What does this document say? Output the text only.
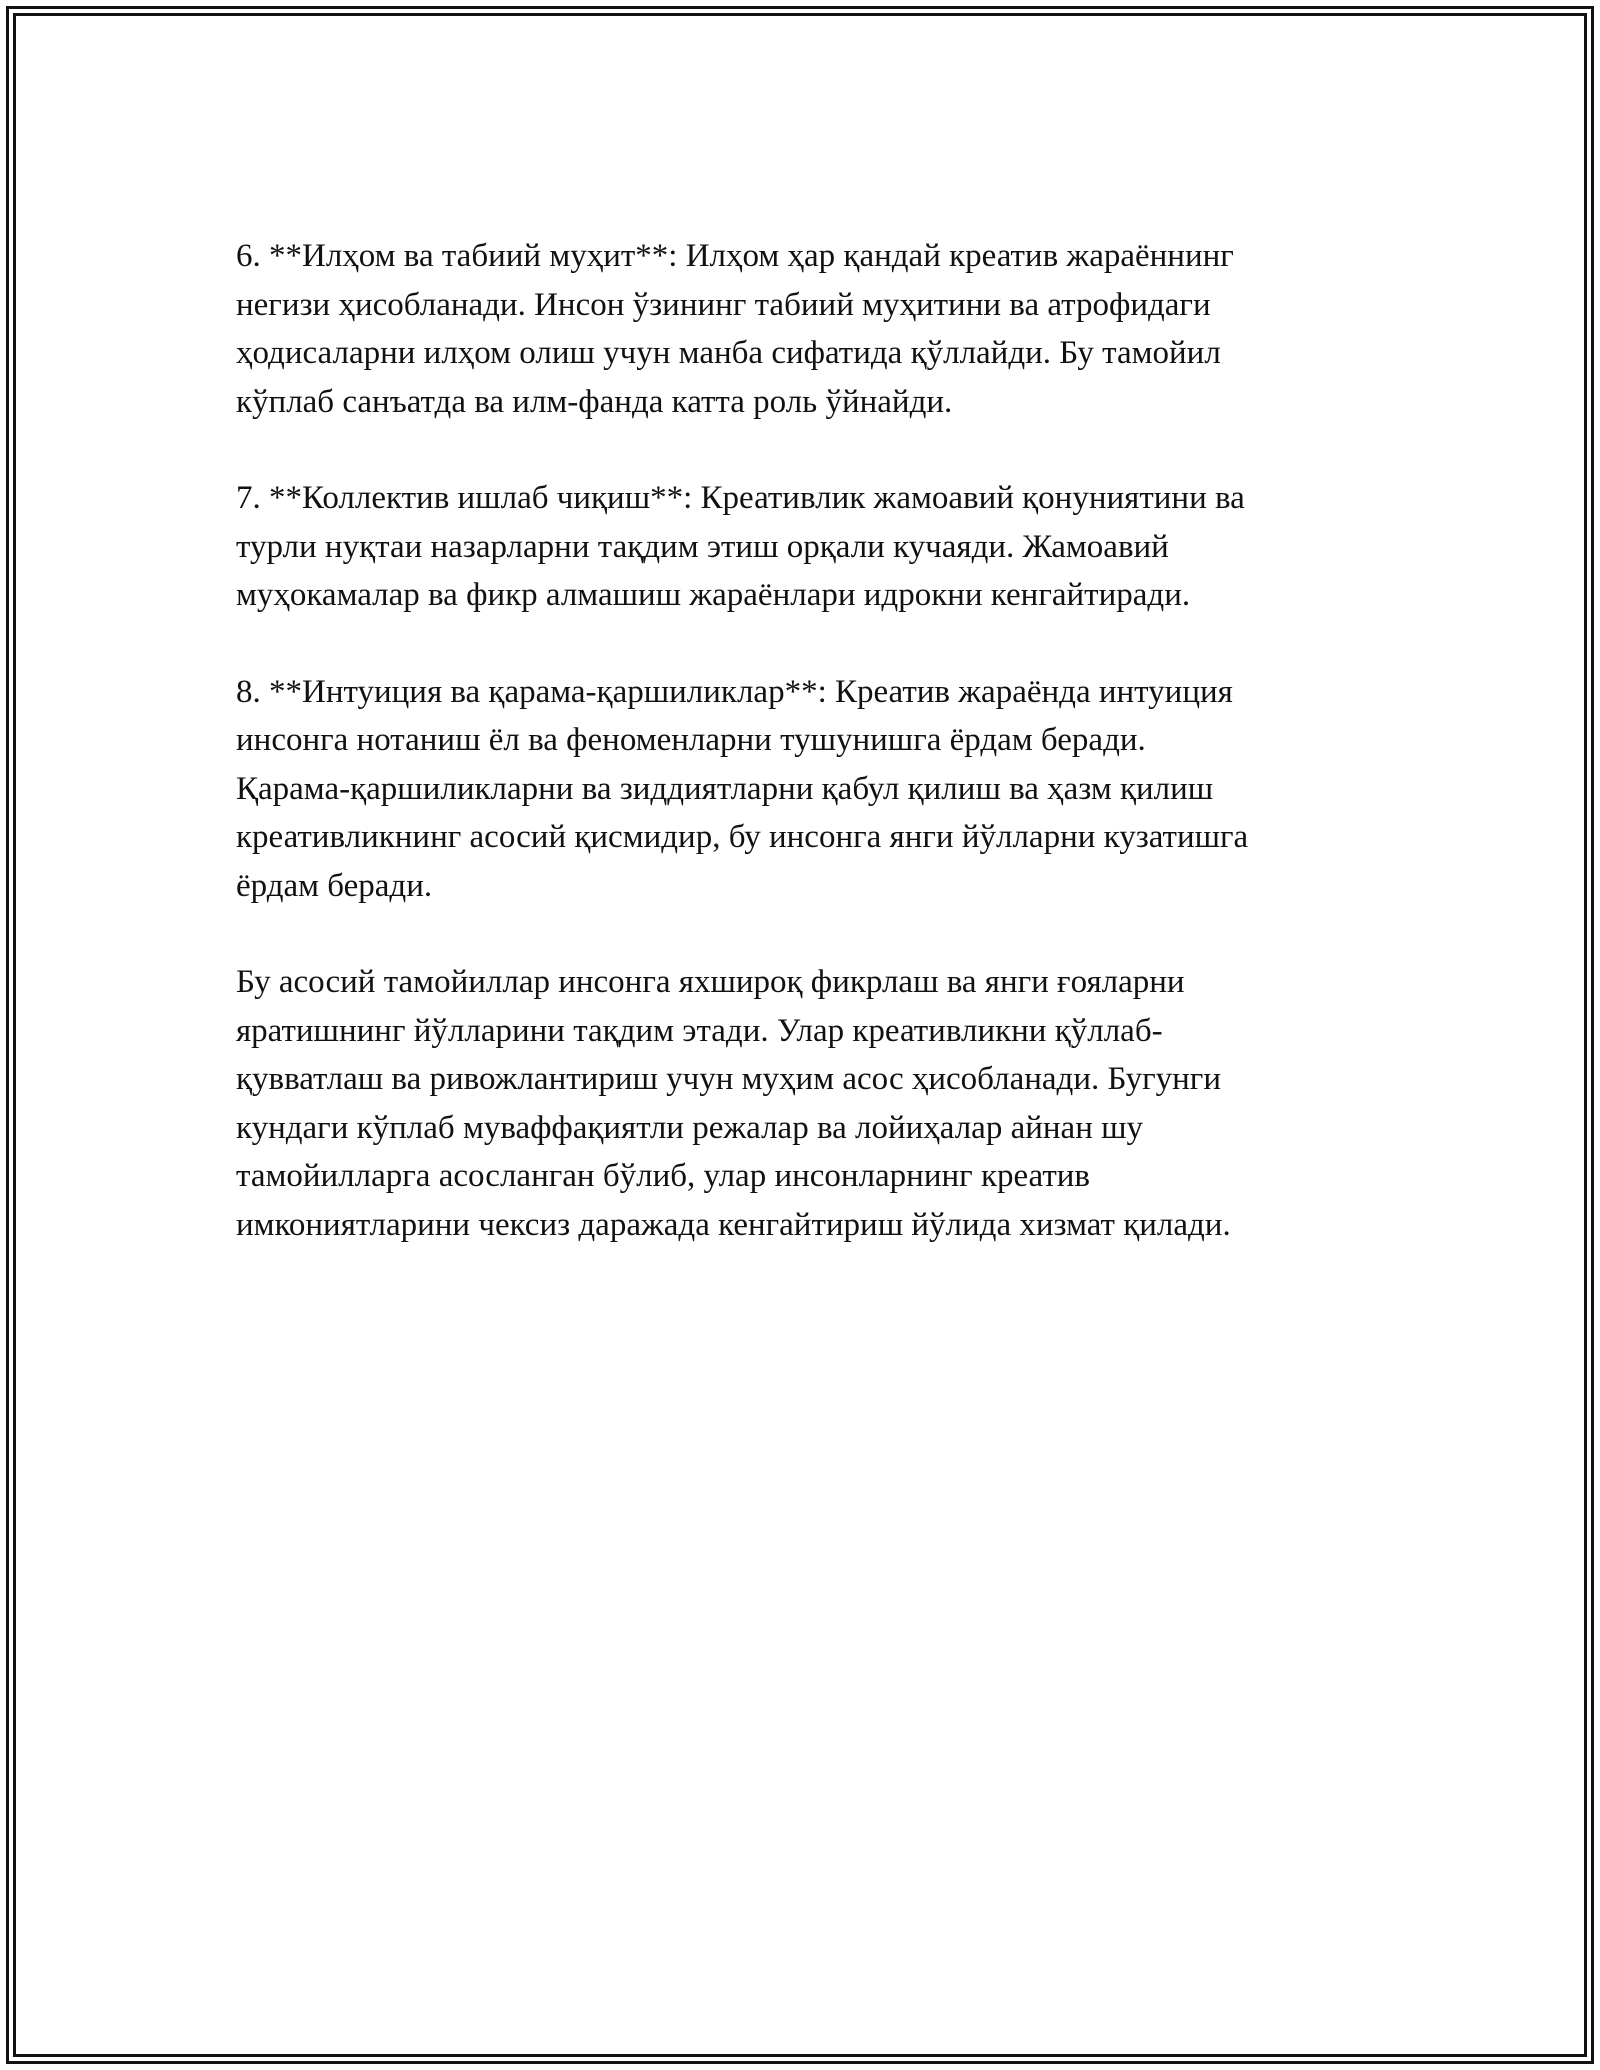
6. **Илҳом ва табиий муҳит**: Илҳом ҳар қандай креатив жараённинг
негизи ҳисобланади. Инсон ўзининг табиий муҳитини ва атрофидаги
ҳодисаларни илҳом олиш учун манба сифатида қўллайди. Бу тамойил
кўплаб санъатда ва илм-фанда катта роль ўйнайди.

7. **Коллектив ишлаб чиқиш**: Креативлик жамоавий қонуниятини ва
турли нуқтаи назарларни тақдим этиш орқали кучаяди. Жамоавий
муҳокамалар ва фикр алмашиш жараёнлари идрокни кенгайтиради.

8. **Интуиция ва қарама-қаршиликлар**: Креатив жараёнда интуиция
инсонга нотаниш ёл ва феноменларни тушунишга ёрдам беради.
Қарама-қаршиликларни ва зиддиятларни қабул қилиш ва ҳазм қилиш
креативликнинг асосий қисмидир, бу инсонга янги йўлларни кузатишга
ёрдам беради.

Бу асосий тамойиллар инсонга яхшироқ фикрлаш ва янги ғояларни
яратишнинг йўлларини тақдим этади. Улар креативликни қўллаб-
қувватлаш ва ривожлантириш учун муҳим асос ҳисобланади. Бугунги
кундаги кўплаб муваффақиятли режалар ва лойиҳалар айнан шу
тамойилларга асосланган бўлиб, улар инсонларнинг креатив
имкониятларини чексиз даражада кенгайтириш йўлида хизмат қилади.
